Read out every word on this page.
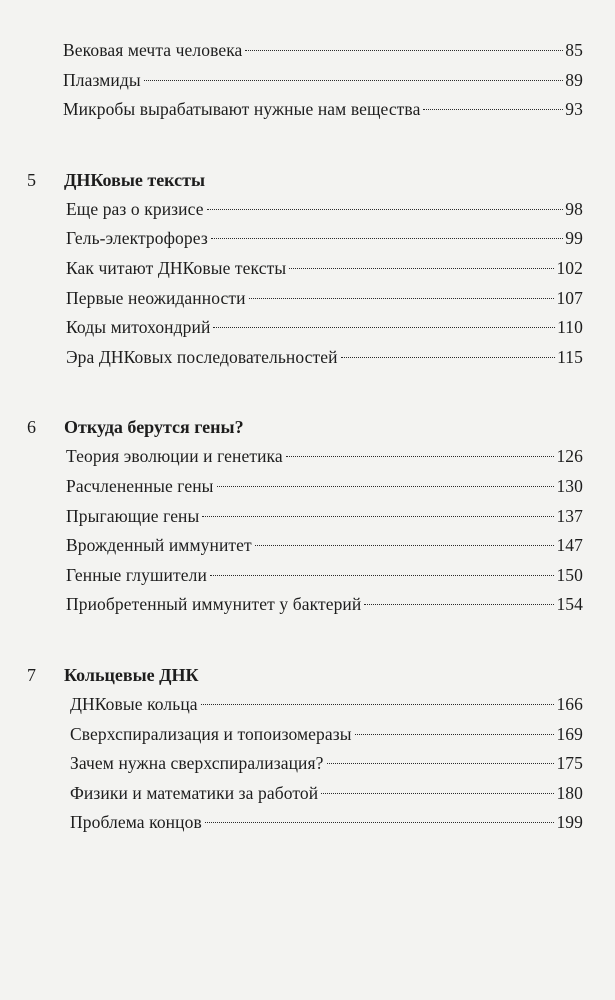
Вековая мечта человека	85
Плазмиды	89
Микробы вырабатывают нужные нам вещества	93
5	ДНКовые тексты
Еще раз о кризисе	98
Гель-электрофорез	99
Как читают ДНКовые тексты	102
Первые неожиданности	107
Коды митохондрий	110
Эра ДНКовых последовательностей	115
6	Откуда берутся гены?
Теория эволюции и генетика	126
Расчлененные гены	130
Прыгающие гены	137
Врожденный иммунитет	147
Генные глушители	150
Приобретенный иммунитет у бактерий	154
7	Кольцевые ДНК
ДНКовые кольца	166
Сверхспирализация и топоизомеразы	169
Зачем нужна сверхспирализация?	175
Физики и математики за работой	180
Проблема концов	199
